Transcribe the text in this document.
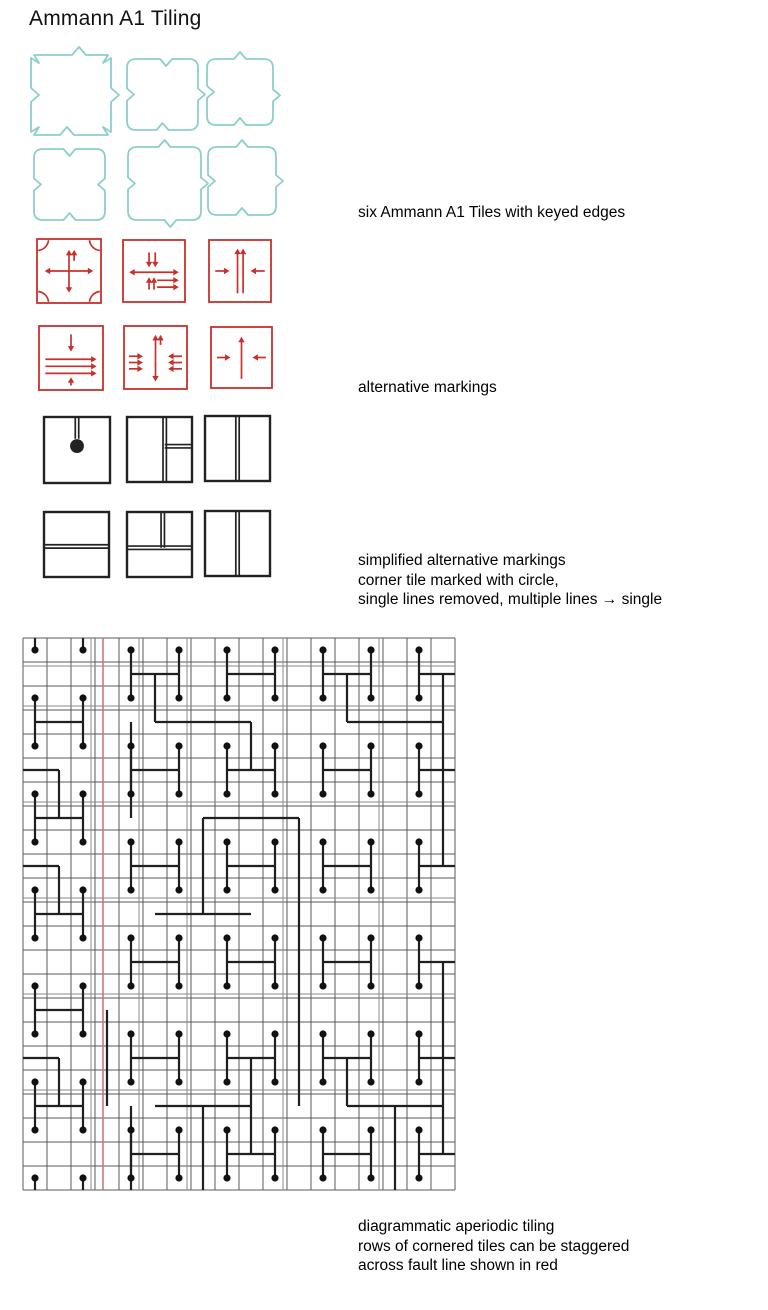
Ammann A1 Tiling
six Ammann A1 Tiles with keyed edges
alternative markings
simplified alternative markings
corner tile marked with circle,
single lines removed, multiple lines → single
diagrammatic aperiodic tiling
rows of cornered tiles can be staggered
across fault line shown in red
